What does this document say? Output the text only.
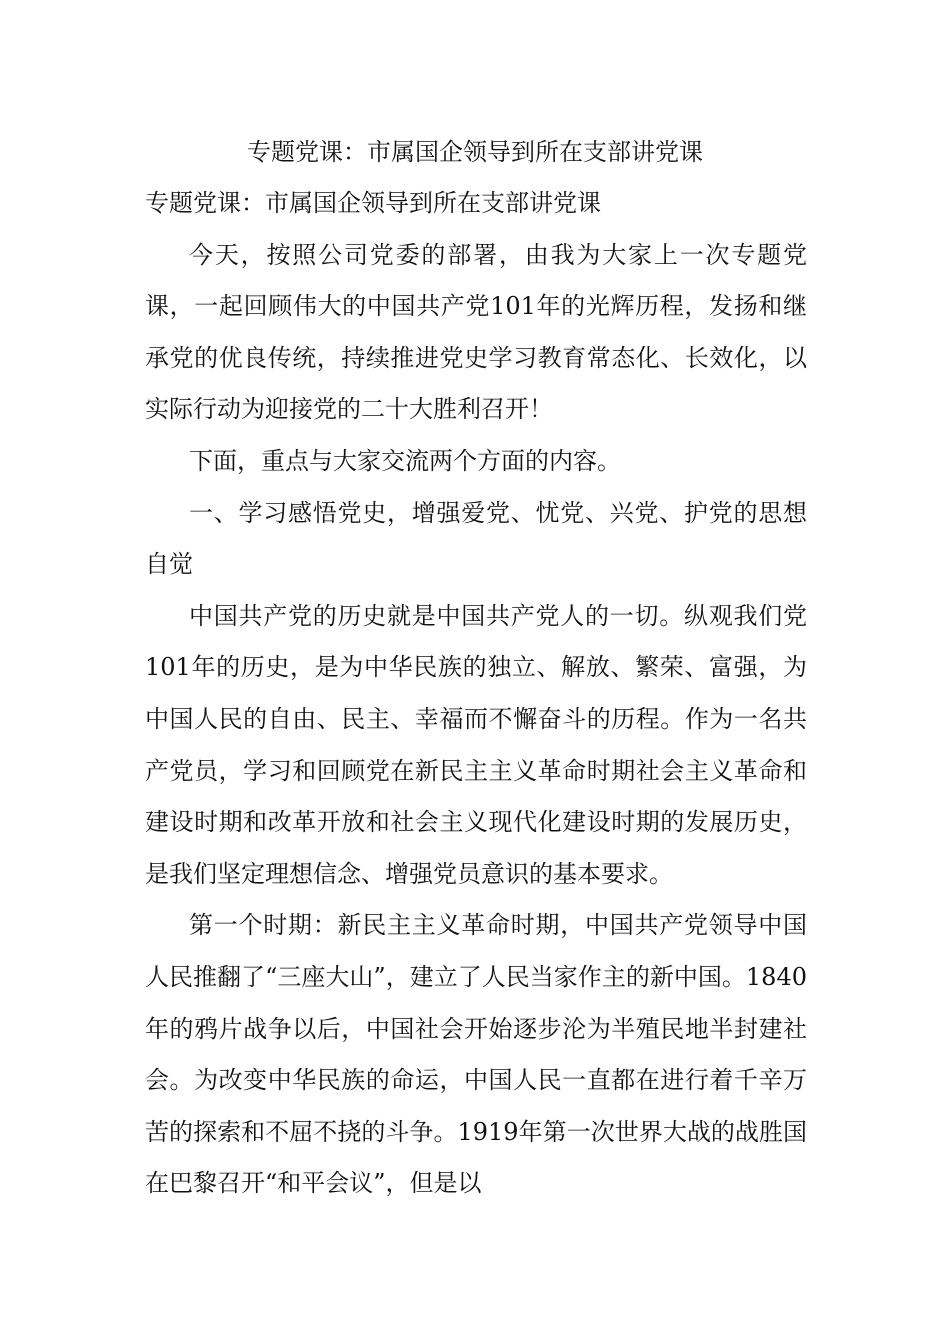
专题党课：市属国企领导到所在支部讲党课

专题党课：市属国企领导到所在支部讲党课

今天，按照公司党委的部署，由我为大家上一次专题党课，一起回顾伟大的中国共产党101年的光辉历程，发扬和继承党的优良传统，持续推进党史学习教育常态化、长效化，以实际行动为迎接党的二十大胜利召开！

下面，重点与大家交流两个方面的内容。

一、学习感悟党史，增强爱党、忧党、兴党、护党的思想自觉

中国共产党的历史就是中国共产党人的一切。纵观我们党101年的历史，是为中华民族的独立、解放、繁荣、富强，为中国人民的自由、民主、幸福而不懈奋斗的历程。作为一名共产党员，学习和回顾党在新民主主义革命时期社会主义革命和建设时期和改革开放和社会主义现代化建设时期的发展历史，是我们坚定理想信念、增强党员意识的基本要求。

第一个时期：新民主主义革命时期，中国共产党领导中国人民推翻了“三座大山”，建立了人民当家作主的新中国。1840年的鸦片战争以后，中国社会开始逐步沦为半殖民地半封建社会。为改变中华民族的命运，中国人民一直都在进行着千辛万苦的探索和不屈不挠的斗争。1919年第一次世界大战的战胜国在巴黎召开“和平会议”，但是以
